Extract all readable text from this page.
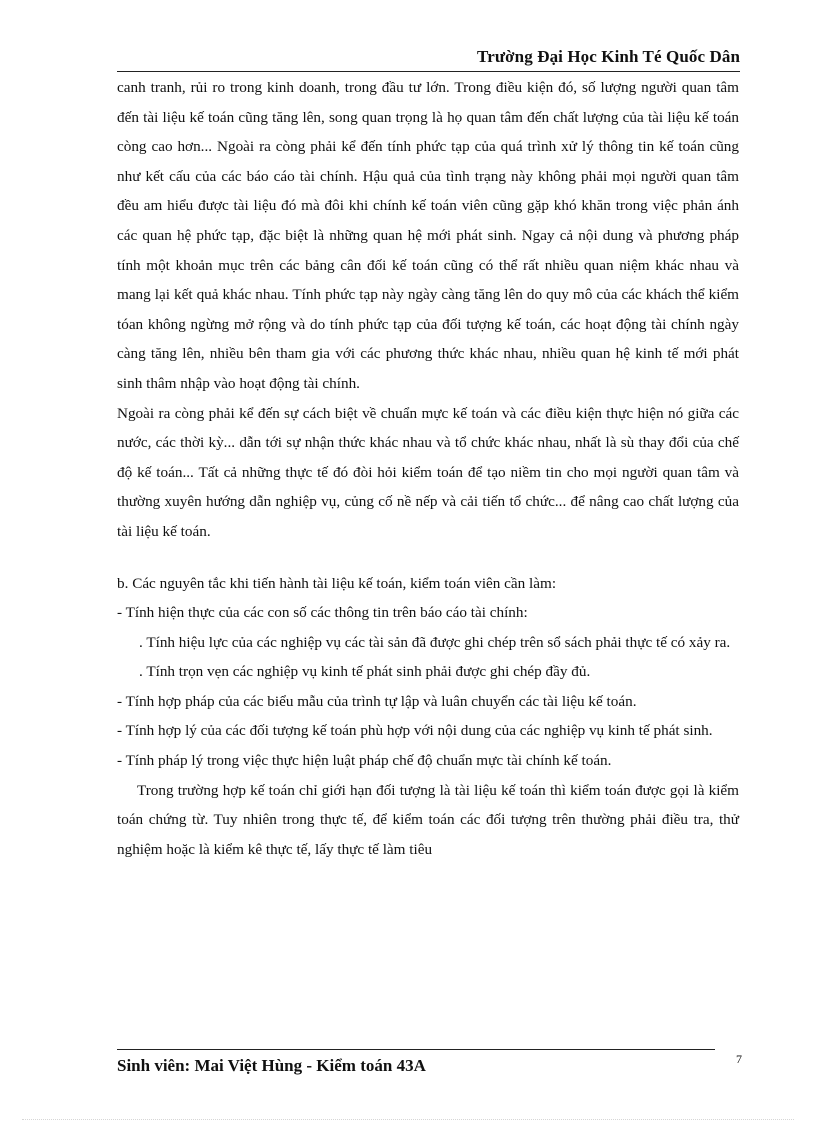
Trường Đại Học Kinh Té Quốc Dân

canh tranh, rủi ro trong kinh doanh, trong đầu tư lớn. Trong điều kiện đó, số lượng người quan tâm đến tài liệu kế toán cũng tăng lên, song quan trọng là họ quan tâm đến chất lượng của tài liệu kế toán còng cao hơn... Ngoài ra còng phải kể đến tính phức tạp của quá trình xử lý thông tin kế toán cũng như kết cấu của các báo cáo tài chính. Hậu quả của tình trạng này không phải mọi người quan tâm đều am hiểu được tài liệu đó mà đôi khi chính kế toán viên cũng gặp khó khăn trong việc phản ánh các quan hệ phức tạp, đặc biệt là những quan hệ mới phát sinh. Ngay cả nội dung và phương pháp tính một khoản mục trên các bảng cân đối kế toán cũng có thể rất nhiều quan niệm khác nhau và mang lại kết quả khác nhau. Tính phức tạp này ngày càng tăng lên do quy mô của các khách thể kiểm tóan không ngừng mở rộng và do tính phức tạp của đối tượng kế toán, các hoạt động tài chính ngày càng tăng lên, nhiều bên tham gia với các phương thức khác nhau, nhiều quan hệ kinh tế mới phát sinh thâm nhập vào hoạt động tài chính.

Ngoài ra còng phải kể đến sự cách biệt về chuẩn mực kế toán và các điều kiện thực hiện nó giữa các nước, các thời kỳ... dẫn tới sự nhận thức khác nhau và tổ chức khác nhau, nhất là sù thay đổi của chế độ kế toán... Tất cả những thực tế đó đòi hỏi kiểm toán để tạo niềm tin cho mọi người quan tâm và thường xuyên hướng dẫn nghiệp vụ, củng cố nề nếp và cải tiến tổ chức... để nâng cao chất lượng của tài liệu kế toán.

b. Các nguyên tắc khi tiến hành tài liệu kế toán, kiểm toán viên cần làm:

- Tính hiện thực của các con số các thông tin trên báo cáo tài chính:

. Tính hiệu lực của các nghiệp vụ các tài sản đã được ghi chép trên sổ sách phải thực tế có xảy ra.

. Tính trọn vẹn các nghiệp vụ kinh tế phát sinh phải được ghi chép đầy đủ.

- Tính hợp pháp của các biểu mẫu của trình tự lập và luân chuyển các tài liệu kế toán.

- Tính hợp lý của các đối tượng kế toán phù hợp với nội dung của các nghiệp vụ kinh tế phát sinh.

- Tính pháp lý trong việc thực hiện luật pháp chế độ chuẩn mực tài chính kế toán.

Trong trường hợp kế toán chỉ giới hạn đối tượng là tài liệu kế toán thì kiểm toán được gọi là kiểm toán chứng từ. Tuy nhiên trong thực tế, để kiểm toán các đối tượng trên thường phải điều tra, thử nghiệm hoặc là kiểm kê thực tế, lấy thực tế làm tiêu

Sinh viên: Mai Việt Hùng - Kiểm toán 43A	7
